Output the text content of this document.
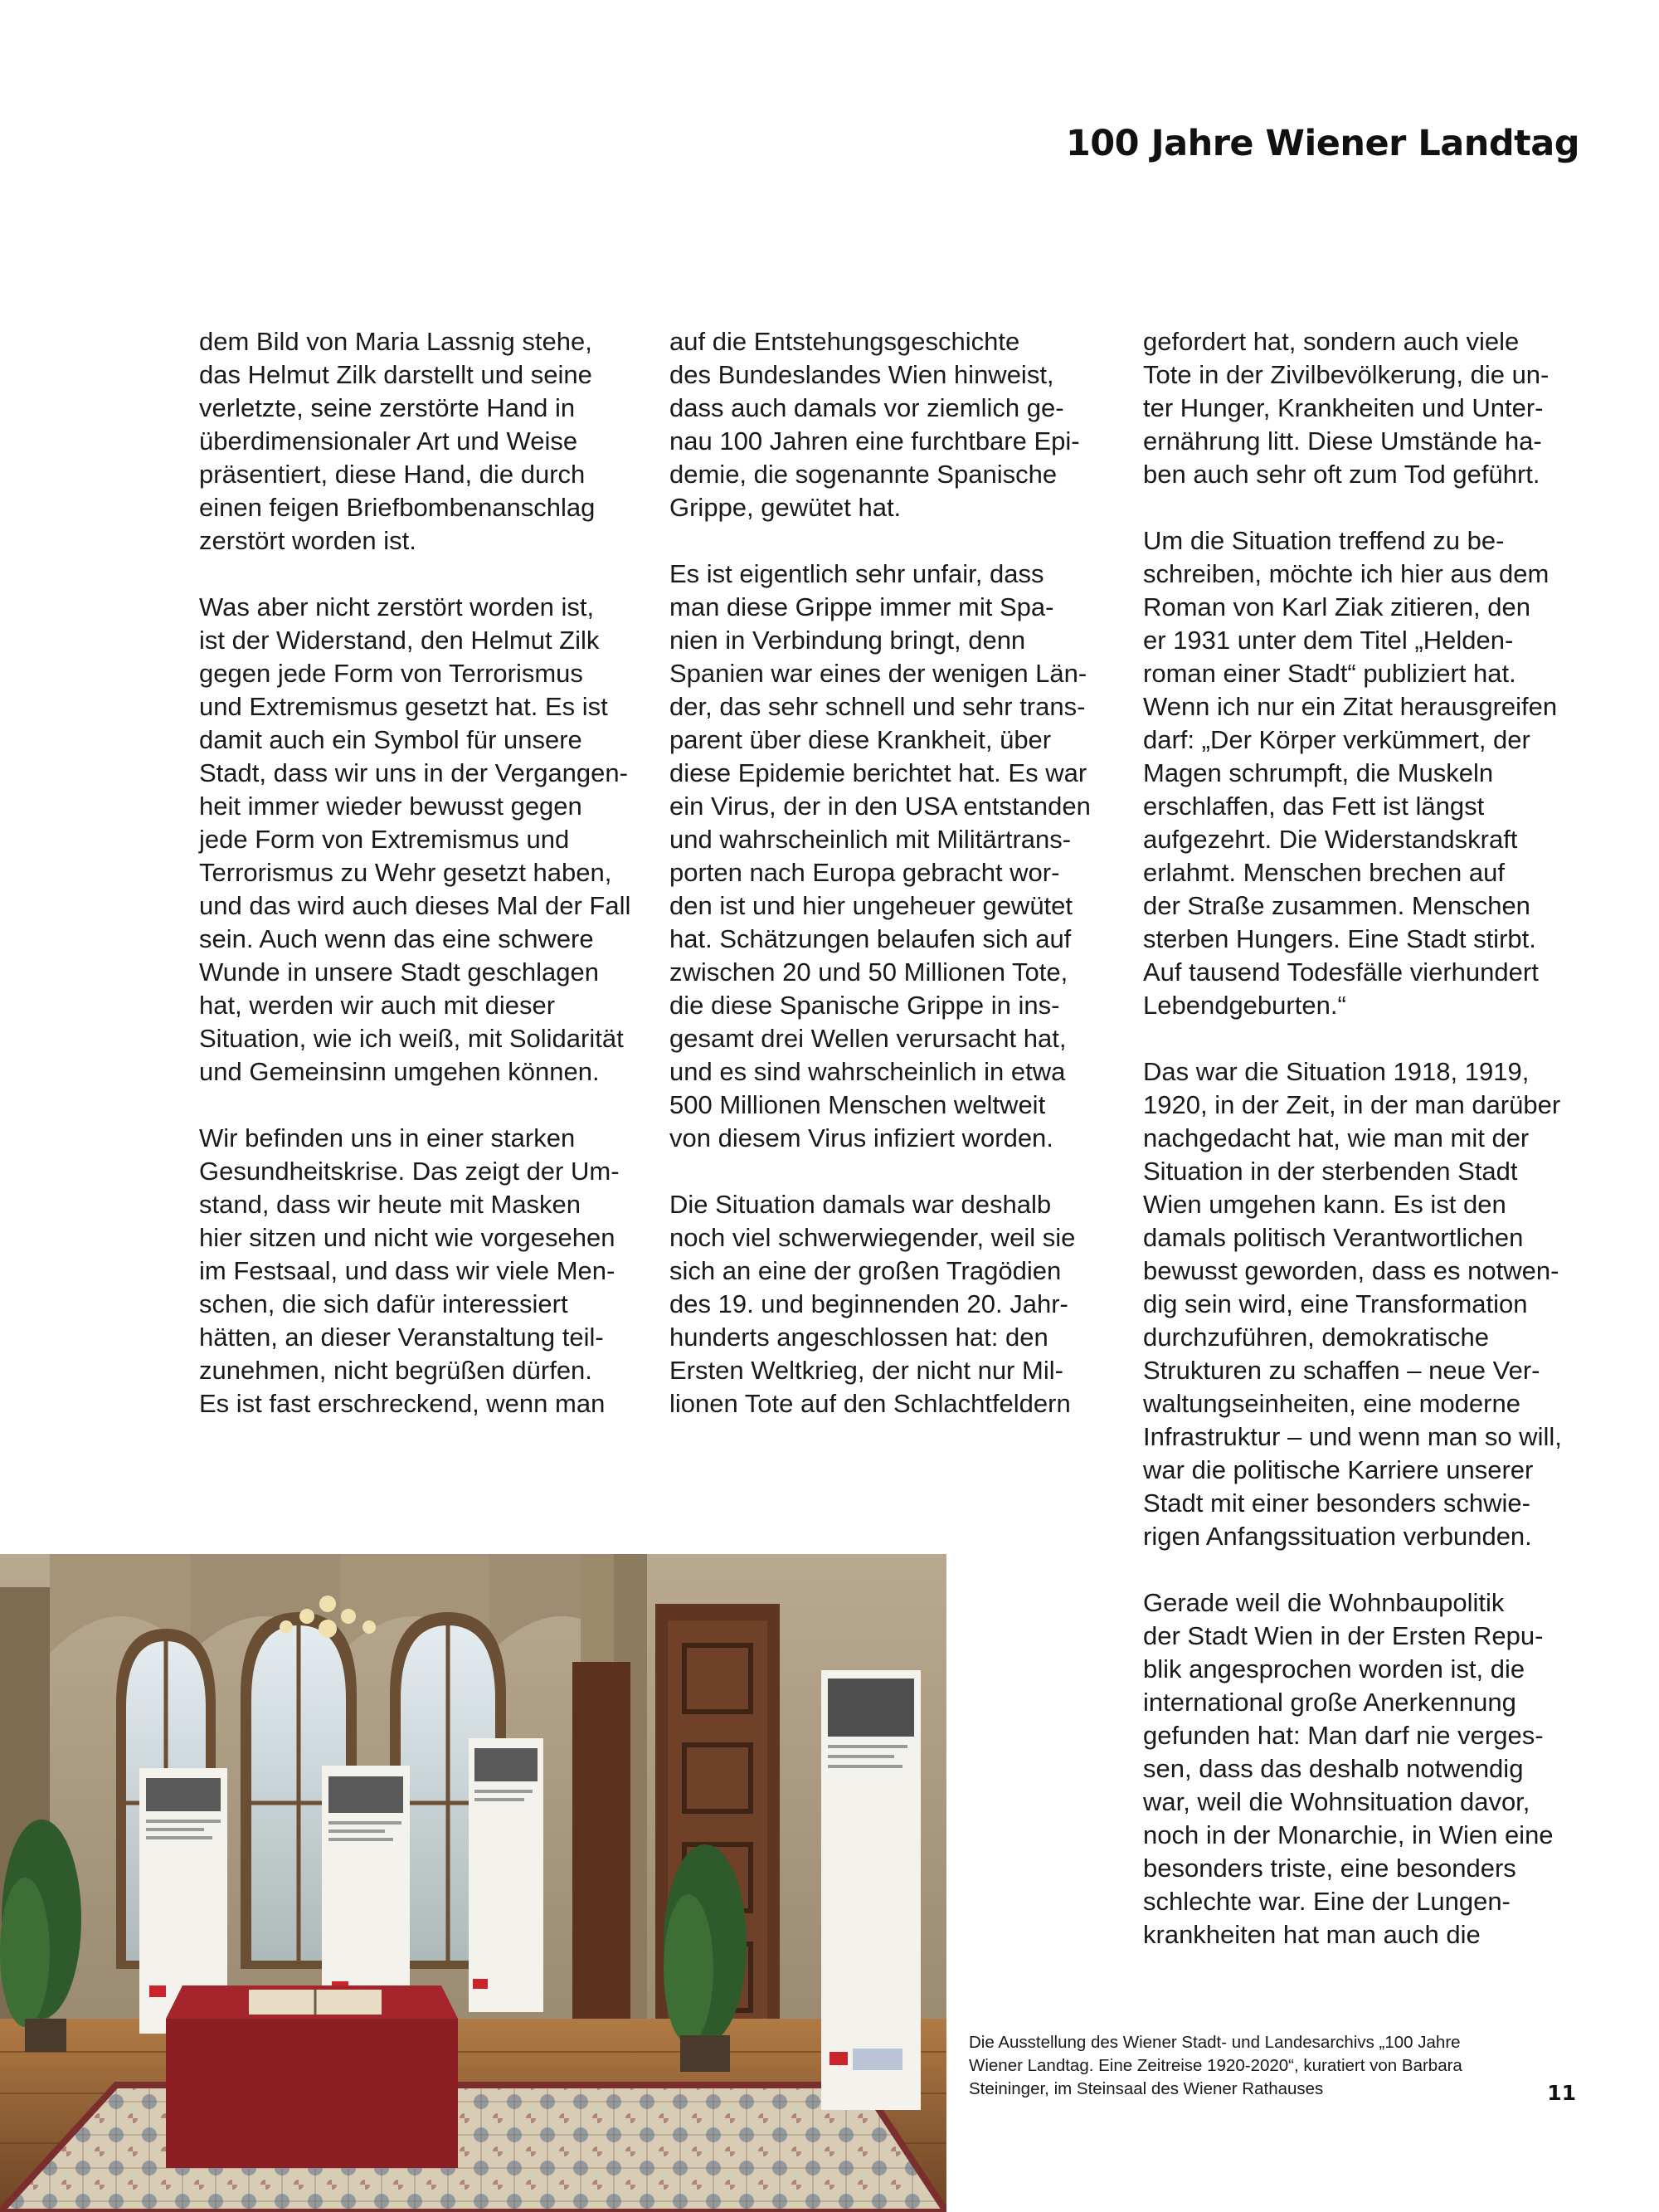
100 Jahre Wiener Landtag

dem Bild von Maria Lassnig stehe,
das Helmut Zilk darstellt und seine
verletzte, seine zerstörte Hand in
überdimensionaler Art und Weise
präsentiert, diese Hand, die durch
einen feigen Briefbombenanschlag
zerstört worden ist.

Was aber nicht zerstört worden ist,
ist der Widerstand, den Helmut Zilk
gegen jede Form von Terrorismus
und Extremismus gesetzt hat. Es ist
damit auch ein Symbol für unsere
Stadt, dass wir uns in der Vergangen-
heit immer wieder bewusst gegen
jede Form von Extremismus und
Terrorismus zu Wehr gesetzt haben,
und das wird auch dieses Mal der Fall
sein. Auch wenn das eine schwere
Wunde in unsere Stadt geschlagen
hat, werden wir auch mit dieser
Situation, wie ich weiß, mit Solidarität
und Gemeinsinn umgehen können.

Wir befinden uns in einer starken
Gesundheitskrise. Das zeigt der Um-
stand, dass wir heute mit Masken
hier sitzen und nicht wie vorgesehen
im Festsaal, und dass wir viele Men-
schen, die sich dafür interessiert
hätten, an dieser Veranstaltung teil-
zunehmen, nicht begrüßen dürfen.
Es ist fast erschreckend, wenn man

auf die Entstehungsgeschichte
des Bundeslandes Wien hinweist,
dass auch damals vor ziemlich ge-
nau 100 Jahren eine furchtbare Epi-
demie, die sogenannte Spanische
Grippe, gewütet hat.

Es ist eigentlich sehr unfair, dass
man diese Grippe immer mit Spa-
nien in Verbindung bringt, denn
Spanien war eines der wenigen Län-
der, das sehr schnell und sehr trans-
parent über diese Krankheit, über
diese Epidemie berichtet hat. Es war
ein Virus, der in den USA entstanden
und wahrscheinlich mit Militärtrans-
porten nach Europa gebracht wor-
den ist und hier ungeheuer gewütet
hat. Schätzungen belaufen sich auf
zwischen 20 und 50 Millionen Tote,
die diese Spanische Grippe in ins-
gesamt drei Wellen verursacht hat,
und es sind wahrscheinlich in etwa
500 Millionen Menschen weltweit
von diesem Virus infiziert worden.

Die Situation damals war deshalb
noch viel schwerwiegender, weil sie
sich an eine der großen Tragödien
des 19. und beginnenden 20. Jahr-
hunderts angeschlossen hat: den
Ersten Weltkrieg, der nicht nur Mil-
lionen Tote auf den Schlachtfeldern

gefordert hat, sondern auch viele
Tote in der Zivilbevölkerung, die un-
ter Hunger, Krankheiten und Unter-
ernährung litt. Diese Umstände ha-
ben auch sehr oft zum Tod geführt.

Um die Situation treffend zu be-
schreiben, möchte ich hier aus dem
Roman von Karl Ziak zitieren, den
er 1931 unter dem Titel „Helden-
roman einer Stadt“ publiziert hat.
Wenn ich nur ein Zitat herausgreifen
darf: „Der Körper verkümmert, der
Magen schrumpft, die Muskeln
erschlaffen, das Fett ist längst
aufgezehrt. Die Widerstandskraft
erlahmt. Menschen brechen auf
der Straße zusammen. Menschen
sterben Hungers. Eine Stadt stirbt.
Auf tausend Todesfälle vierhundert
Lebendgeburten.“

Das war die Situation 1918, 1919,
1920, in der Zeit, in der man darüber
nachgedacht hat, wie man mit der
Situation in der sterbenden Stadt
Wien umgehen kann. Es ist den
damals politisch Verantwortlichen
bewusst geworden, dass es notwen-
dig sein wird, eine Transformation
durchzuführen, demokratische
Strukturen zu schaffen – neue Ver-
waltungseinheiten, eine moderne
Infrastruktur – und wenn man so will,
war die politische Karriere unserer
Stadt mit einer besonders schwie-
rigen Anfangssituation verbunden.

Gerade weil die Wohnbaupolitik
der Stadt Wien in der Ersten Repu-
blik angesprochen worden ist, die
international große Anerkennung
gefunden hat: Man darf nie verges-
sen, dass das deshalb notwendig
war, weil die Wohnsituation davor,
noch in der Monarchie, in Wien eine
besonders triste, eine besonders
schlechte war. Eine der Lungen-
krankheiten hat man auch die

Die Ausstellung des Wiener Stadt- und Landesarchivs „100 Jahre
Wiener Landtag. Eine Zeitreise 1920-2020“, kuratiert von Barbara
Steininger, im Steinsaal des Wiener Rathauses	11
